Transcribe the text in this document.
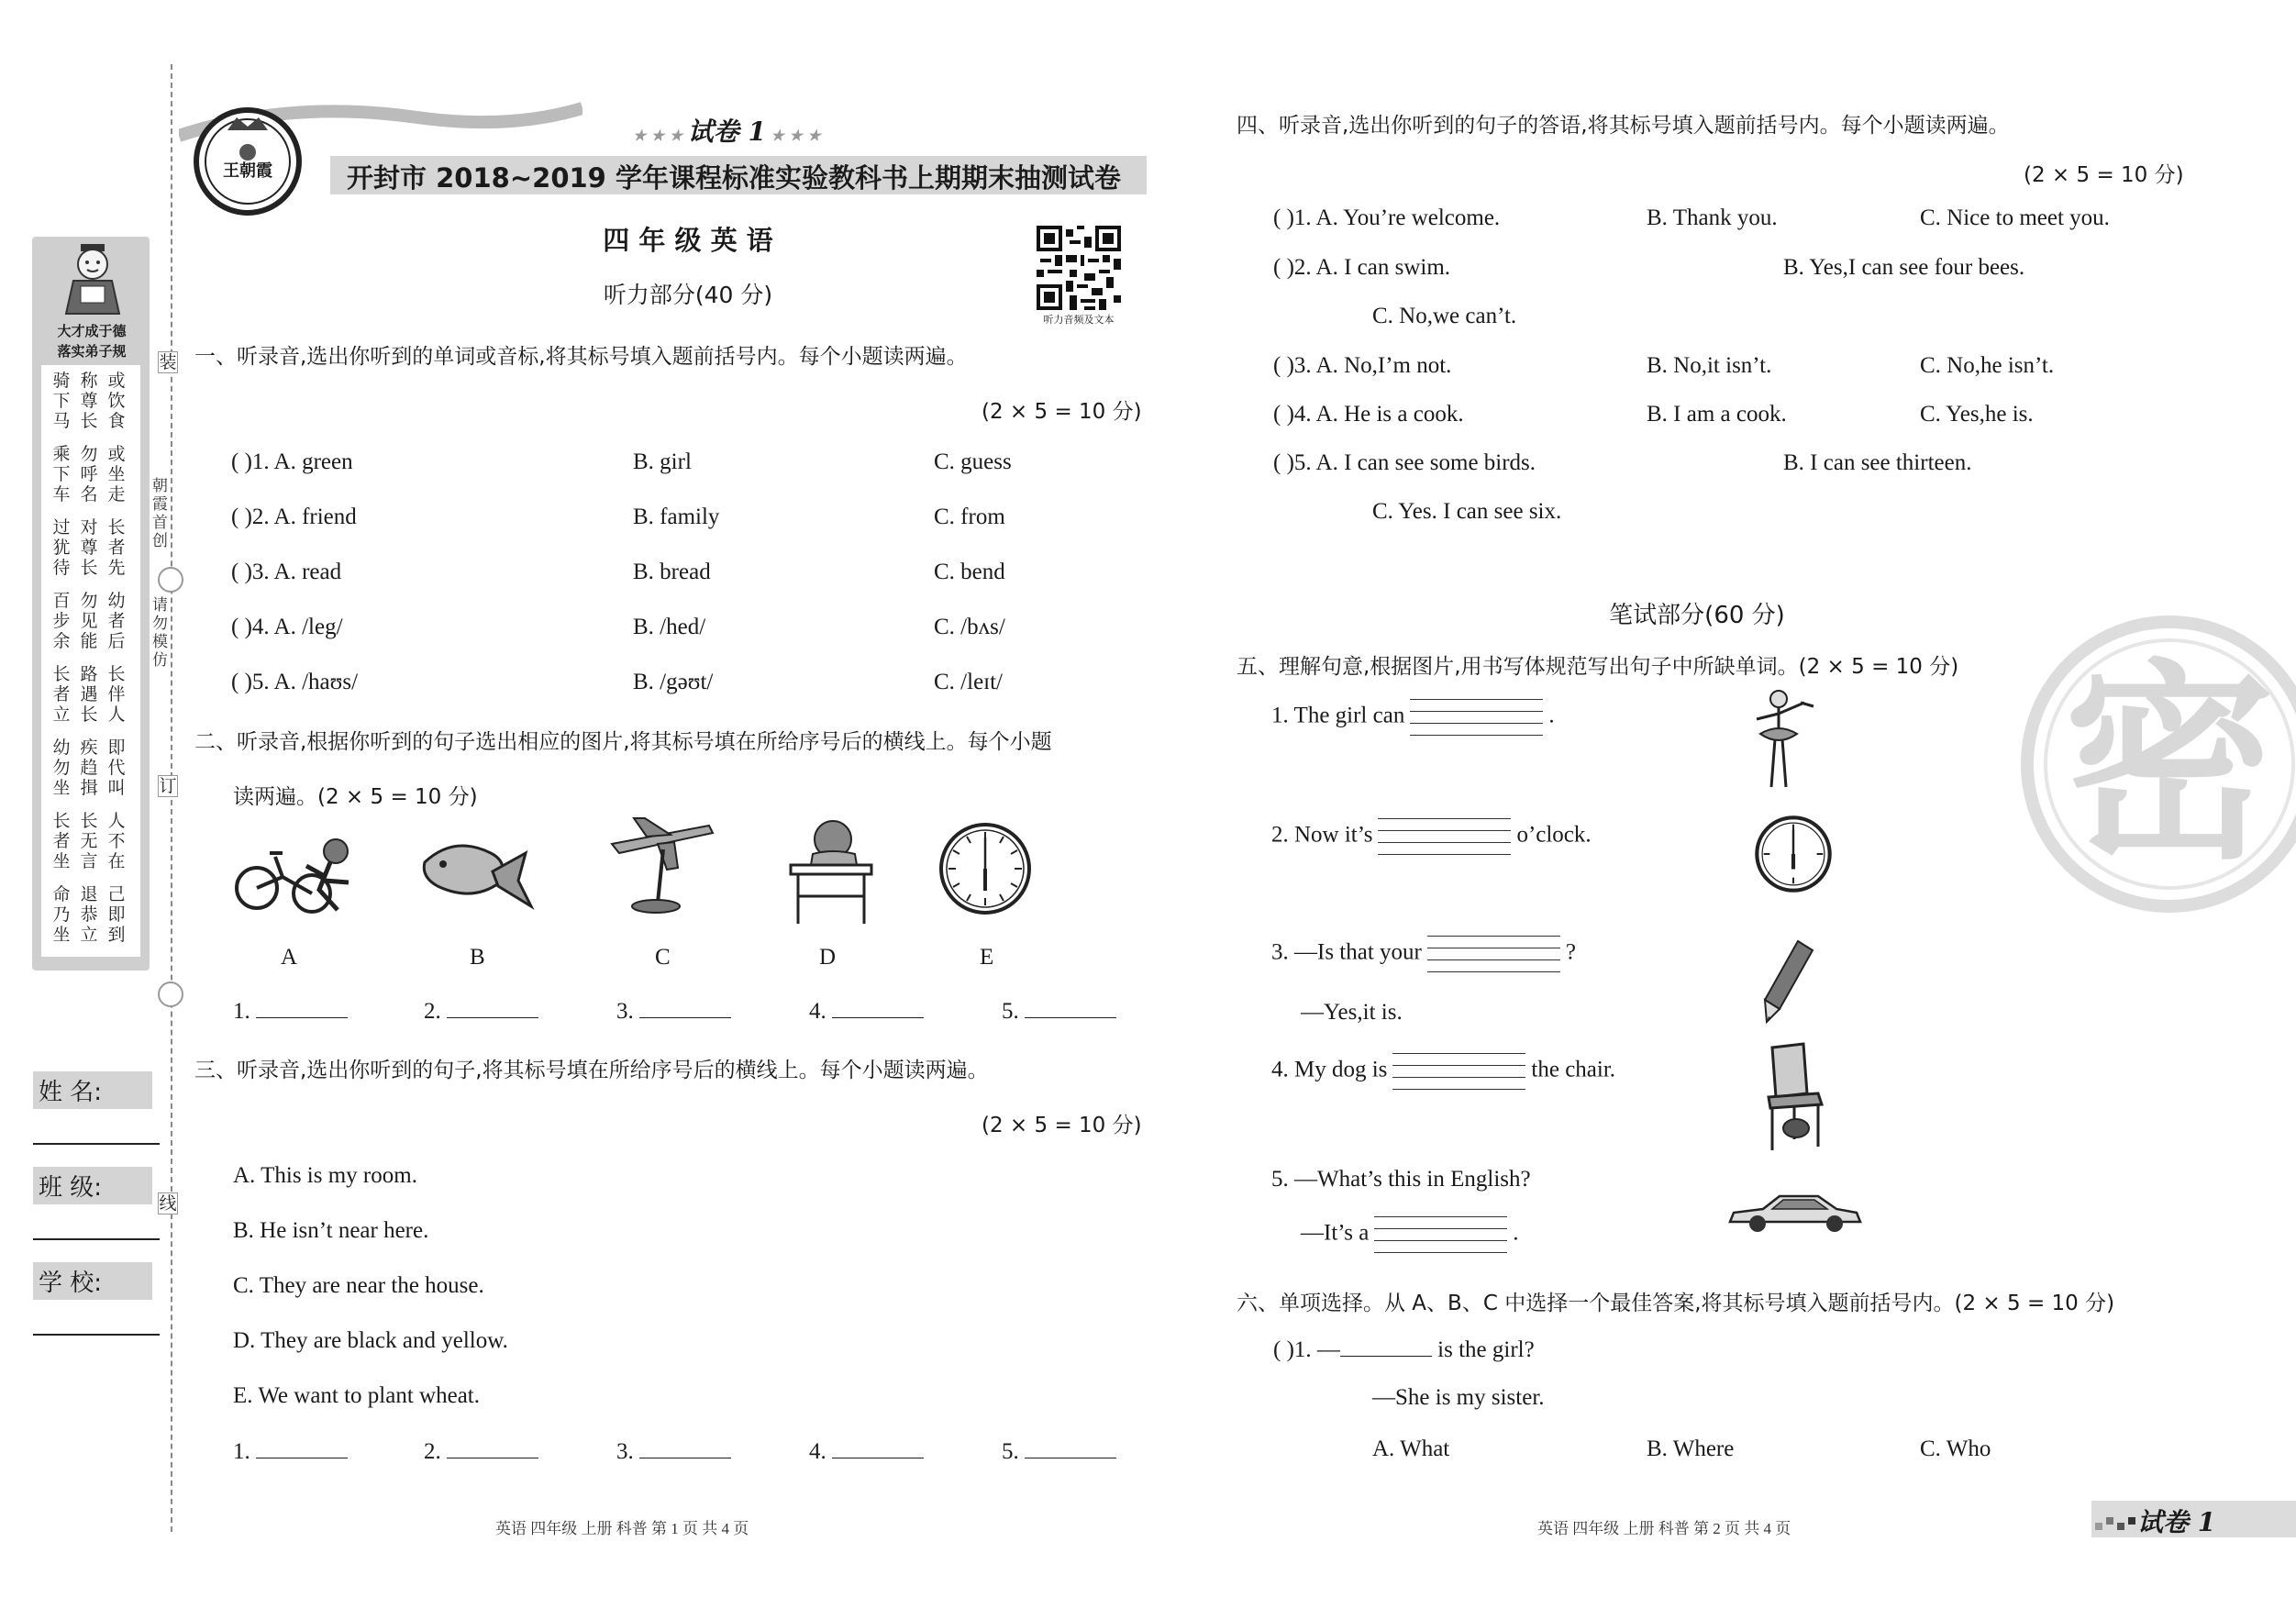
装
订
线
朝霞首创
请勿模仿
大才成于德
落实弟子规
骑下马
称尊长
或饮食
乘下车
勿呼名
或坐走
过犹待
对尊长
长者先
百步余
勿见能
幼者后
长者立
路遇长
长伴人
幼勿坐
疾趋揖
即代叫
长者坐
长无言
人不在
命乃坐
退恭立
己即到
姓 名:
班 级:
学 校:
王朝霞
★ ★ ★ 试卷 1 ★ ★ ★
开封市 2018~2019 学年课程标准实验教科书上期期末抽测试卷
四 年 级 英 语
听力部分(40 分)
听力音频及文本
一、听录音,选出你听到的单词或音标,将其标号填入题前括号内。每个小题读两遍。
(2 × 5 = 10 分)
( )1. A. green	B. girl	C. guess
( )2. A. friend	B. family	C. from
( )3. A. read	B. bread	C. bend
( )4. A. /leg/	B. /hed/	C. /bʌs/
( )5. A. /haʊs/	B. /gəʊt/	C. /leɪt/
二、听录音,根据你听到的句子选出相应的图片,将其标号填在所给序号后的横线上。每个小题
读两遍。(2 × 5 = 10 分)
A	B	C	D	E
1.	2.	3.	4.	5.
三、听录音,选出你听到的句子,将其标号填在所给序号后的横线上。每个小题读两遍。
(2 × 5 = 10 分)
A. This is my room.
B. He isn’t near here.
C. They are near the house.
D. They are black and yellow.
E. We want to plant wheat.
1.	2.	3.	4.	5.
英语 四年级 上册 科普 第 1 页 共 4 页
密
四、听录音,选出你听到的句子的答语,将其标号填入题前括号内。每个小题读两遍。
(2 × 5 = 10 分)
( )1. A. You’re welcome.	B. Thank you.	C. Nice to meet you.
( )2. A. I can swim.	B. Yes,I can see four bees.
C. No,we can’t.
( )3. A. No,I’m not.	B. No,it isn’t.	C. No,he isn’t.
( )4. A. He is a cook.	B. I am a cook.	C. Yes,he is.
( )5. A. I can see some birds.	B. I can see thirteen.
C. Yes. I can see six.
笔试部分(60 分)
五、理解句意,根据图片,用书写体规范写出句子中所缺单词。(2 × 5 = 10 分)
1. The girl can	.
2. Now it’s	o’clock.
3. —Is that your	?
—Yes,it is.
4. My dog is	the chair.
5. —What’s this in English?
—It’s a	.
六、单项选择。从 A、B、C 中选择一个最佳答案,将其标号填入题前括号内。(2 × 5 = 10 分)
( )1. —	is the girl?
—She is my sister.
A. What	B. Where	C. Who
英语 四年级 上册 科普 第 2 页 共 4 页	试卷 1
